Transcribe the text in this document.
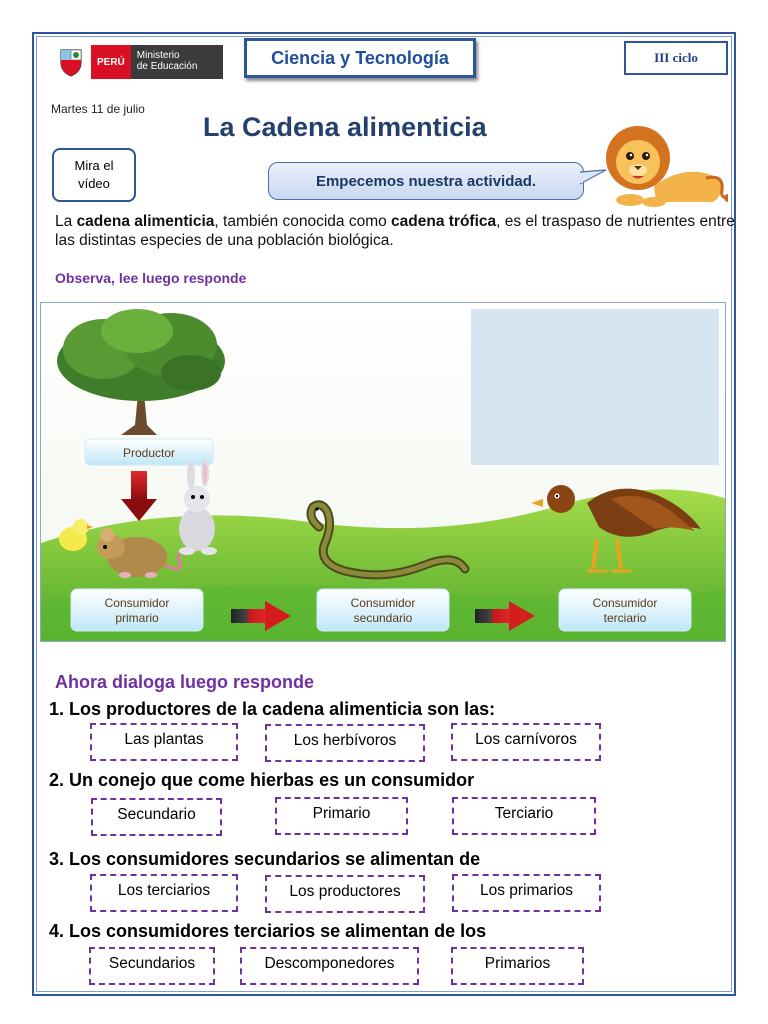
PERÚ
Ministerio
de Educación	Ciencia y Tecnología	III ciclo
Martes 11 de julio
La Cadena alimenticia
Mira el
vídeo	Empecemos nuestra actividad.

La cadena alimenticia, también conocida como cadena trófica, es el traspaso de nutrientes entre las distintas especies de una población biológica.

Observa, lee luego responde
Productor
Consumidor
primario
Consumidor
secundario
Consumidor
terciario
Ahora dialoga luego responde
1. Los productores de la cadena alimenticia son las:
Las plantas	Los herbívoros	Los carnívoros
2. Un conejo que come hierbas es un consumidor
Secundario	Primario	Terciario
3. Los consumidores secundarios se alimentan de
Los terciarios	Los productores	Los primarios
4. Los consumidores terciarios se alimentan de los
Secundarios	Descomponedores	Primarios
